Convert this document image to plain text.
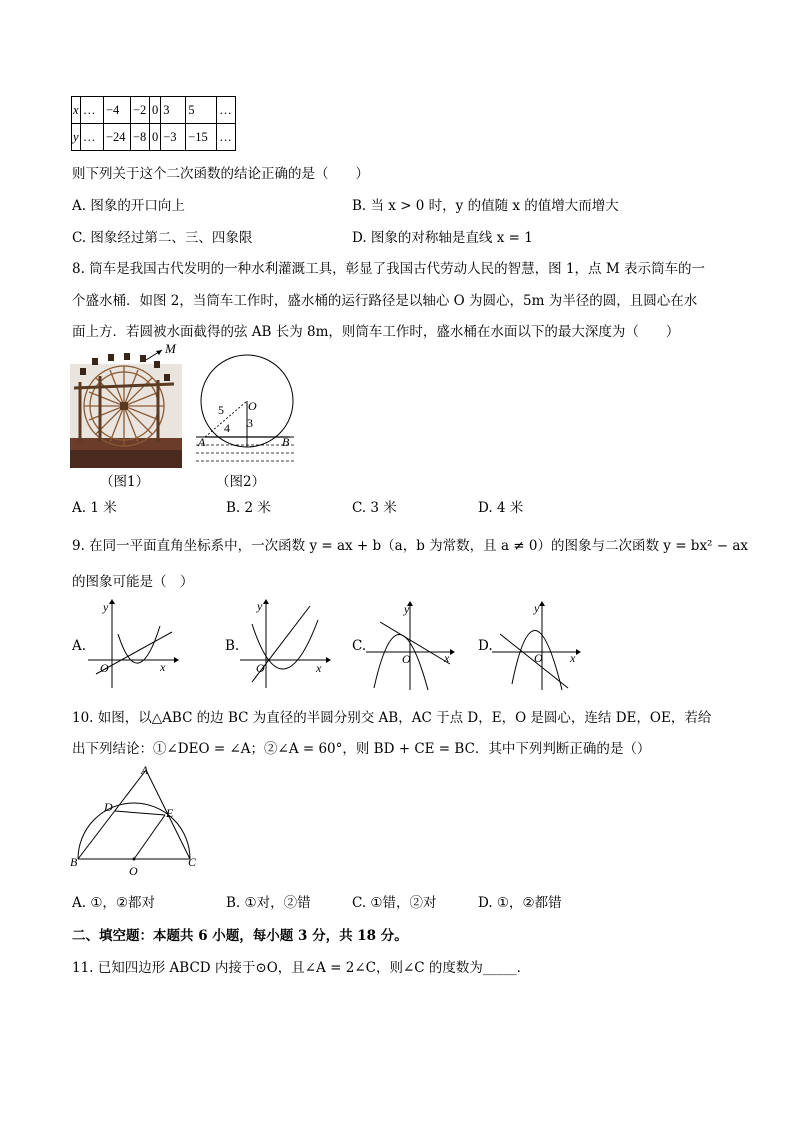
x	…	−4	−2	0	3	5	…
y	…	−24	−8	0	−3	−15	…
则下列关于这个二次函数的结论正确的是（　　）
A. 图象的开口向上	B. 当 x > 0 时，y 的值随 x 的值增大而增大
C. 图象经过第二、三、四象限	D. 图象的对称轴是直线 x = 1
8. 筒车是我国古代发明的一种水利灌溉工具，彰显了我国古代劳动人民的智慧，图 1，点 M 表示筒车的一
个盛水桶．如图 2，当筒车工作时，盛水桶的运行路径是以轴心 O 为圆心，5m 为半径的圆，且圆心在水
面上方．若圆被水面截得的弦 AB 长为 8m，则筒车工作时，盛水桶在水面以下的最大深度为（　　）
M
（图1）
O
5
4 3
A	B
（图2）
A. 1 米	B. 2 米	C. 3 米	D. 4 米
9. 在同一平面直角坐标系中，一次函数 y = ax + b（a，b 为常数，且 a ≠ 0）的图象与二次函数 y = bx² − ax
的图象可能是（　）
A.
y
x
O
B.
y
x
O
C.
y
x
O
D.
y
x
O
10. 如图，以△ABC 的边 BC 为直径的半圆分别交 AB，AC 于点 D，E，O 是圆心，连结 DE，OE，若给
出下列结论：①∠DEO = ∠A；②∠A = 60°，则 BD + CE = BC．其中下列判断正确的是（）
A
B	C
D	E
O
A. ①，②都对	B. ①对，②错	C. ①错，②对	D. ①，②都错
二、填空题：本题共 6 小题，每小题 3 分，共 18 分。
11. 已知四边形 ABCD 内接于⊙O，且∠A = 2∠C，则∠C 的度数为_____．
